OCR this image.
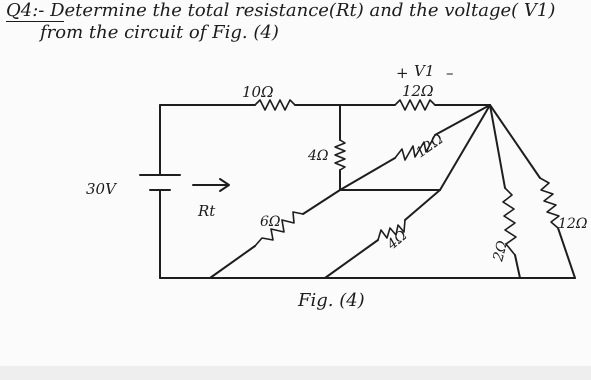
Q4:- Determine the total resistance(Rt) and the voltage( V1)
from the circuit of Fig. (4)
10Ω
+ V1 –
12Ω
4Ω	12Ω
30V
Rt
6Ω
4Ω	2Ω
12Ω
Fig. (4)
